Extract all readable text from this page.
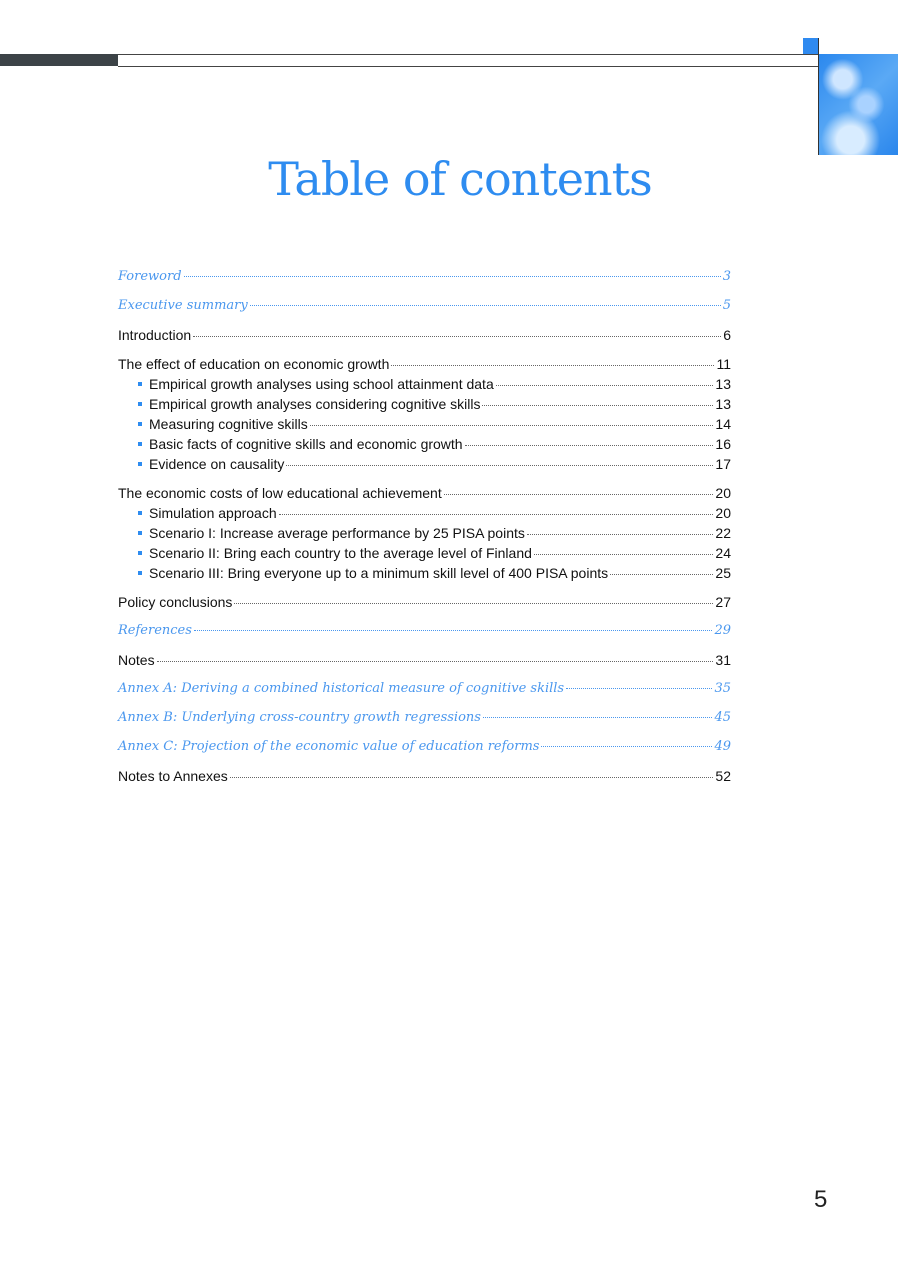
Table of contents
Foreword	3
Executive summary	5
Introduction	6
The effect of education on economic growth	11
Empirical growth analyses using school attainment data	13
Empirical growth analyses considering cognitive skills	13
Measuring cognitive skills	14
Basic facts of cognitive skills and economic growth	16
Evidence on causality	17
The economic costs of low educational achievement	20
Simulation approach	20
Scenario I: Increase average performance by 25 PISA points	22
Scenario II: Bring each country to the average level of Finland	24
Scenario III: Bring everyone up to a minimum skill level of 400 PISA points	25
Policy conclusions	27
References	29
Notes	31
Annex A: Deriving a combined historical measure of cognitive skills	35
Annex B: Underlying cross-country growth regressions	45
Annex C: Projection of the economic value of education reforms	49
Notes to Annexes	52
5
